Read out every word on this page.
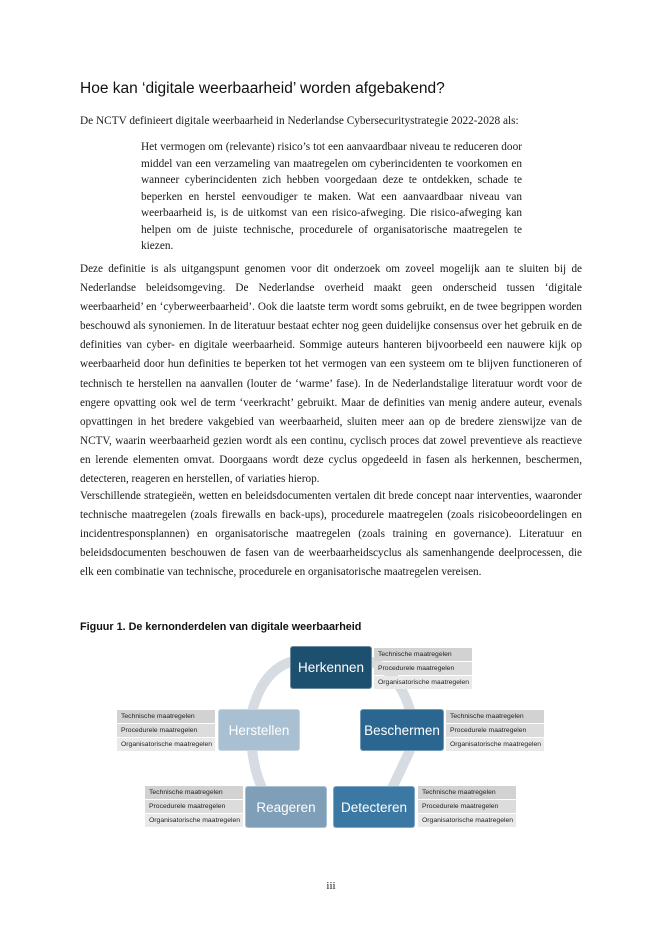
Hoe kan ‘digitale weerbaarheid’ worden afgebakend?

De NCTV definieert digitale weerbaarheid in Nederlandse Cybersecuritystrategie 2022-2028 als:

Het vermogen om (relevante) risico’s tot een aanvaardbaar niveau te reduceren door middel van een verzameling van maatregelen om cyberincidenten te voorkomen en wanneer cyberincidenten zich hebben voorgedaan deze te ontdekken, schade te beperken en herstel eenvoudiger te maken. Wat een aanvaardbaar niveau van weerbaarheid is, is de uitkomst van een risico-afweging. Die risico-afweging kan helpen om de juiste technische, procedurele of organisatorische maatregelen te kiezen.

Deze definitie is als uitgangspunt genomen voor dit onderzoek om zoveel mogelijk aan te sluiten bij de Nederlandse beleidsomgeving. De Nederlandse overheid maakt geen onderscheid tussen ‘digitale weerbaarheid’ en ‘cyberweerbaarheid’. Ook die laatste term wordt soms gebruikt, en de twee begrippen worden beschouwd als synoniemen. In de literatuur bestaat echter nog geen duidelijke consensus over het gebruik en de definities van cyber- en digitale weerbaarheid. Sommige auteurs hanteren bijvoorbeeld een nauwere kijk op weerbaarheid door hun definities te beperken tot het vermogen van een systeem om te blijven functioneren of technisch te herstellen na aanvallen (louter de ‘warme’ fase). In de Nederlandstalige literatuur wordt voor de engere opvatting ook wel de term ‘veerkracht’ gebruikt. Maar de definities van menig andere auteur, evenals opvattingen in het bredere vakgebied van weerbaarheid, sluiten meer aan op de bredere zienswijze van de NCTV, waarin weerbaarheid gezien wordt als een continu, cyclisch proces dat zowel preventieve als reactieve en lerende elementen omvat. Doorgaans wordt deze cyclus opgedeeld in fasen als herkennen, beschermen, detecteren, reageren en herstellen, of variaties hierop.

Verschillende strategieën, wetten en beleidsdocumenten vertalen dit brede concept naar interventies, waaronder technische maatregelen (zoals firewalls en back-ups), procedurele maatregelen (zoals risicobeoordelingen en incidentresponsplannen) en organisatorische maatregelen (zoals training en governance). Literatuur en beleidsdocumenten beschouwen de fasen van de weerbaarheidscyclus als samenhangende deelprocessen, die elk een combinatie van technische, procedurele en organisatorische maatregelen vereisen.

Figuur 1. De kernonderdelen van digitale weerbaarheid

Herkennen
Beschermen
Detecteren
Reageren
Herstellen
Technische maatregelen
Procedurele maatregelen
Organisatorische maatregelen
Technische maatregelen
Procedurele maatregelen
Organisatorische maatregelen
Technische maatregelen
Procedurele maatregelen
Organisatorische maatregelen
Technische maatregelen
Procedurele maatregelen
Organisatorische maatregelen
Technische maatregelen
Procedurele maatregelen
Organisatorische maatregelen
iii
